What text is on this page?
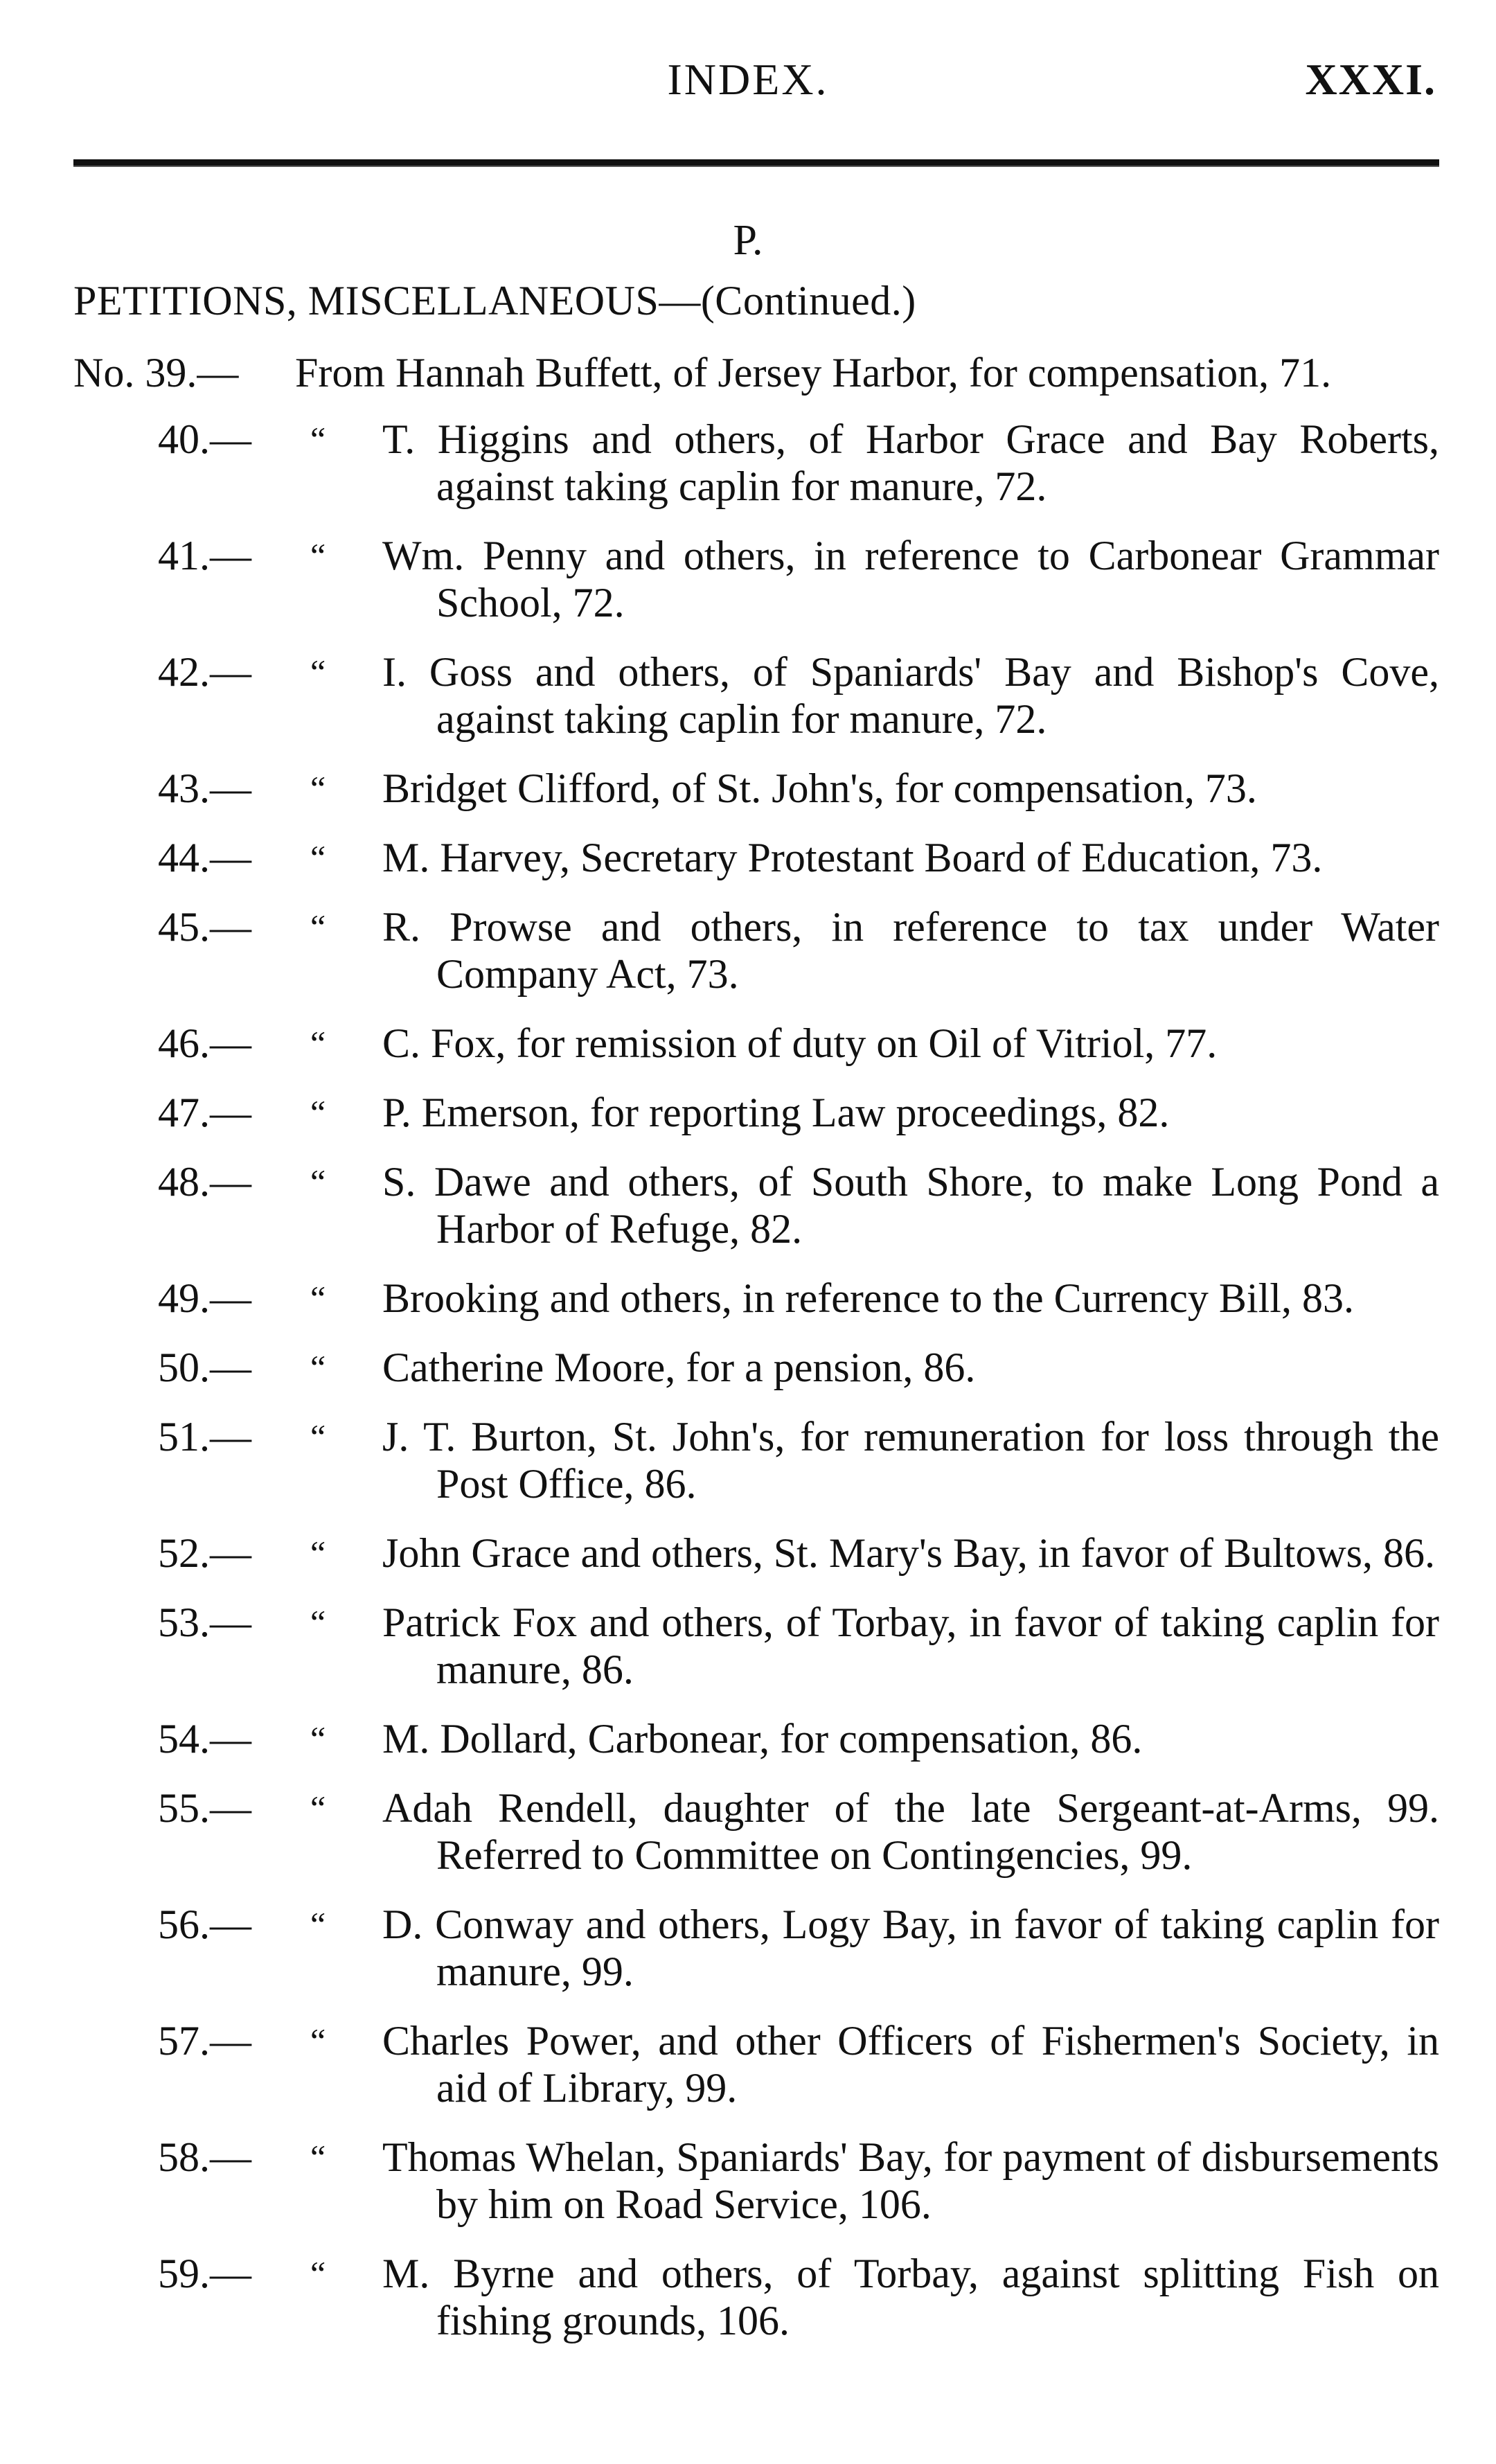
INDEX.	XXXI.
P.
PETITIONS, MISCELLANEOUS—(Continued.)
No. 39.— From Hannah Buffett, of Jersey Harbor, for compensation, 71.
40.—	“	T. Higgins and others, of Harbor Grace and Bay Roberts, against taking caplin for manure, 72.
41.—	“	Wm. Penny and others, in reference to Carbonear Grammar School, 72.
42.—	“	I. Goss and others, of Spaniards' Bay and Bishop's Cove, against taking caplin for manure, 72.
43.—	“	Bridget Clifford, of St. John's, for compensation, 73.
44.—	“	M. Harvey, Secretary Protestant Board of Education, 73.
45.—	“	R. Prowse and others, in reference to tax under Water Company Act, 73.
46.—	“	C. Fox, for remission of duty on Oil of Vitriol, 77.
47.—	“	P. Emerson, for reporting Law proceedings, 82.
48.—	“	S. Dawe and others, of South Shore, to make Long Pond a Harbor of Refuge, 82.
49.—	“	Brooking and others, in reference to the Currency Bill, 83.
50.—	“	Catherine Moore, for a pension, 86.
51.—	“	J. T. Burton, St. John's, for remuneration for loss through the Post Office, 86.
52.—	“	John Grace and others, St. Mary's Bay, in favor of Bultows, 86.
53.—	“	Patrick Fox and others, of Torbay, in favor of taking caplin for manure, 86.
54.—	“	M. Dollard, Carbonear, for compensation, 86.
55.—	“	Adah Rendell, daughter of the late Sergeant-at-Arms, 99. Referred to Committee on Contingencies, 99.
56.—	“	D. Conway and others, Logy Bay, in favor of taking caplin for manure, 99.
57.—	“	Charles Power, and other Officers of Fishermen's Society, in aid of Library, 99.
58.—	“	Thomas Whelan, Spaniards' Bay, for payment of disbursements by him on Road Service, 106.
59.—	“	M. Byrne and others, of Torbay, against splitting Fish on fishing grounds, 106.
